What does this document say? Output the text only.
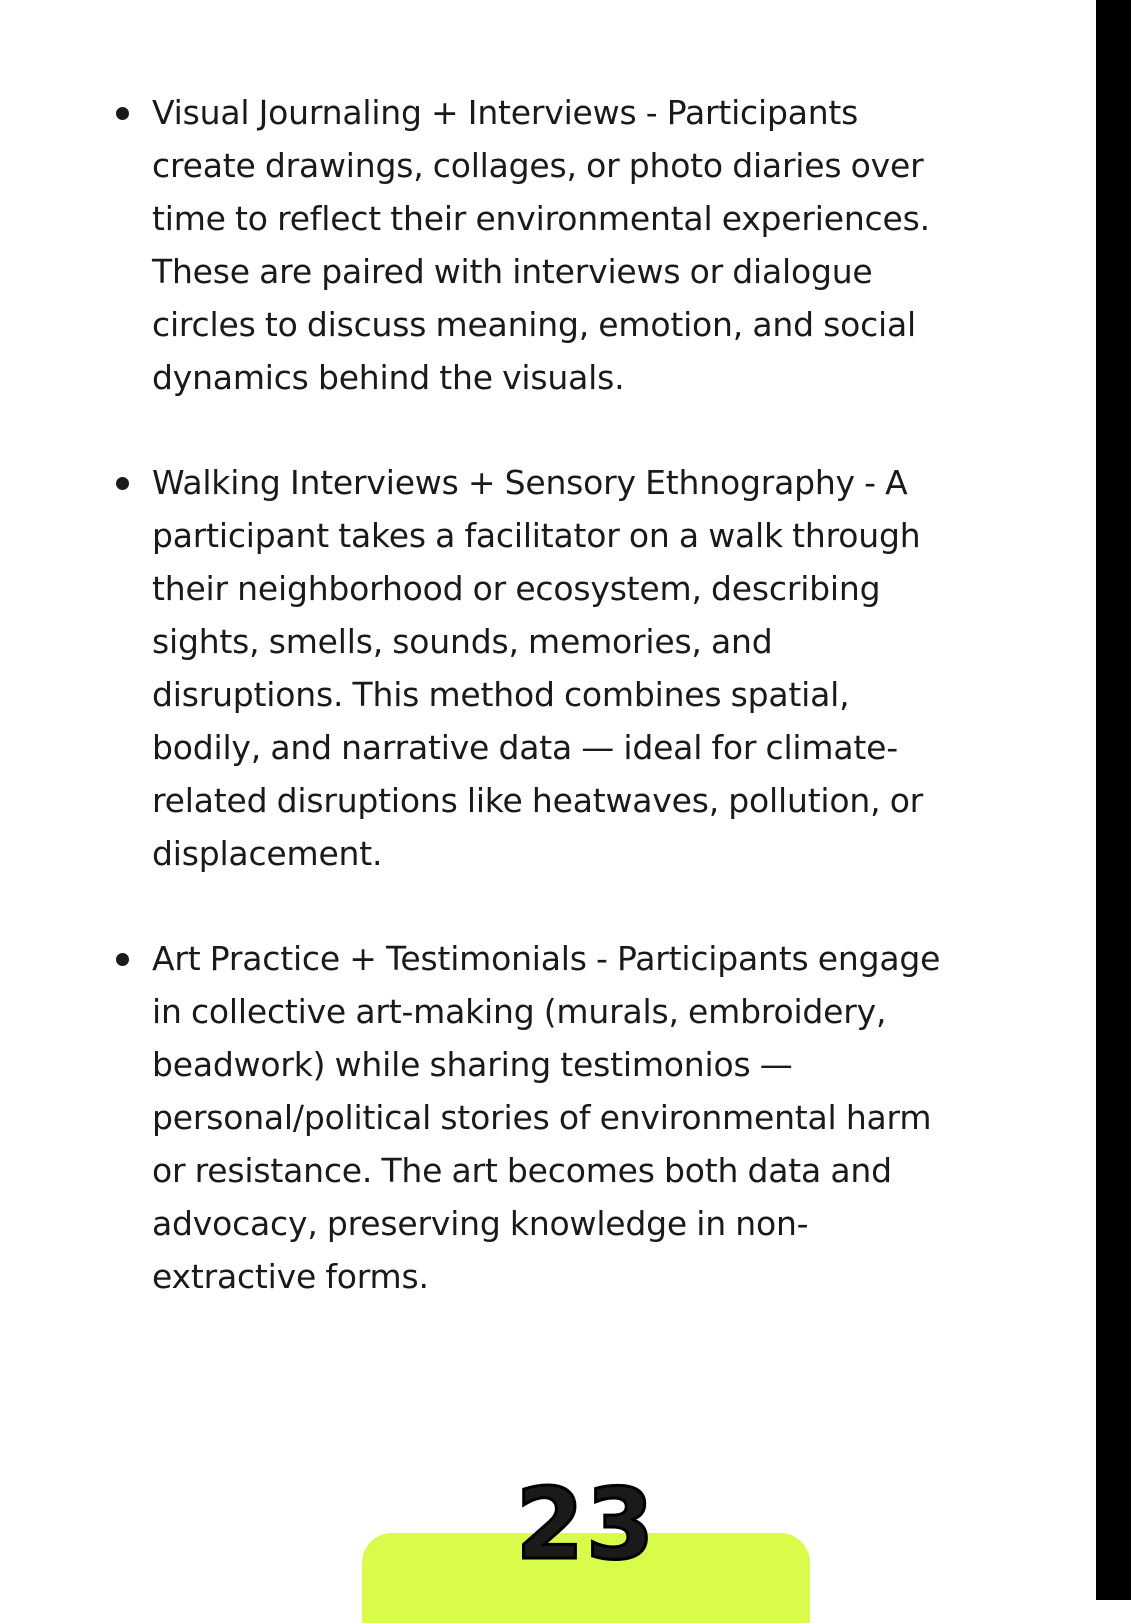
Visual Journaling + Interviews - Participants
create drawings, collages, or photo diaries over
time to reflect their environmental experiences.
These are paired with interviews or dialogue
circles to discuss meaning, emotion, and social
dynamics behind the visuals.
Walking Interviews + Sensory Ethnography - A
participant takes a facilitator on a walk through
their neighborhood or ecosystem, describing
sights, smells, sounds, memories, and
disruptions. This method combines spatial,
bodily, and narrative data — ideal for climate-
related disruptions like heatwaves, pollution, or
displacement.
Art Practice + Testimonials - Participants engage
in collective art-making (murals, embroidery,
beadwork) while sharing testimonios —
personal/political stories of environmental harm
or resistance. The art becomes both data and
advocacy, preserving knowledge in non-
extractive forms.
23
